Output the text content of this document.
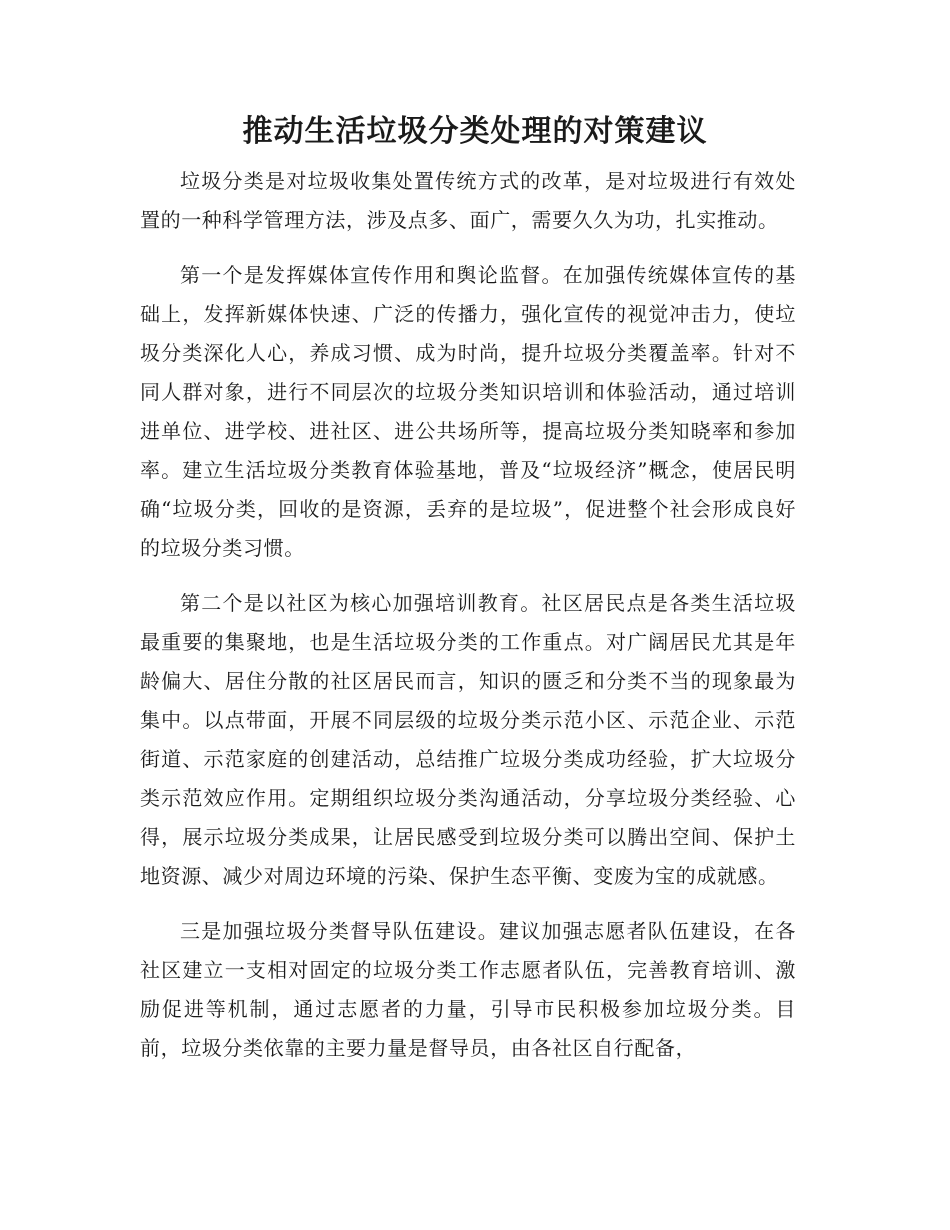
推动生活垃圾分类处理的对策建议

垃圾分类是对垃圾收集处置传统方式的改革，是对垃圾进行有效处置的一种科学管理方法，涉及点多、面广，需要久久为功，扎实推动。

第一个是发挥媒体宣传作用和舆论监督。在加强传统媒体宣传的基础上，发挥新媒体快速、广泛的传播力，强化宣传的视觉冲击力，使垃圾分类深化人心，养成习惯、成为时尚，提升垃圾分类覆盖率。针对不同人群对象，进行不同层次的垃圾分类知识培训和体验活动，通过培训进单位、进学校、进社区、进公共场所等，提高垃圾分类知晓率和参加率。建立生活垃圾分类教育体验基地，普及“垃圾经济”概念，使居民明确“垃圾分类，回收的是资源，丢弃的是垃圾”，促进整个社会形成良好的垃圾分类习惯。

第二个是以社区为核心加强培训教育。社区居民点是各类生活垃圾最重要的集聚地，也是生活垃圾分类的工作重点。对广阔居民尤其是年龄偏大、居住分散的社区居民而言，知识的匮乏和分类不当的现象最为集中。以点带面，开展不同层级的垃圾分类示范小区、示范企业、示范街道、示范家庭的创建活动，总结推广垃圾分类成功经验，扩大垃圾分类示范效应作用。定期组织垃圾分类沟通活动，分享垃圾分类经验、心得，展示垃圾分类成果，让居民感受到垃圾分类可以腾出空间、保护土地资源、减少对周边环境的污染、保护生态平衡、变废为宝的成就感。

三是加强垃圾分类督导队伍建设。建议加强志愿者队伍建设，在各社区建立一支相对固定的垃圾分类工作志愿者队伍，完善教育培训、激励促进等机制，通过志愿者的力量，引导市民积极参加垃圾分类。目前，垃圾分类依靠的主要力量是督导员，由各社区自行配备，
